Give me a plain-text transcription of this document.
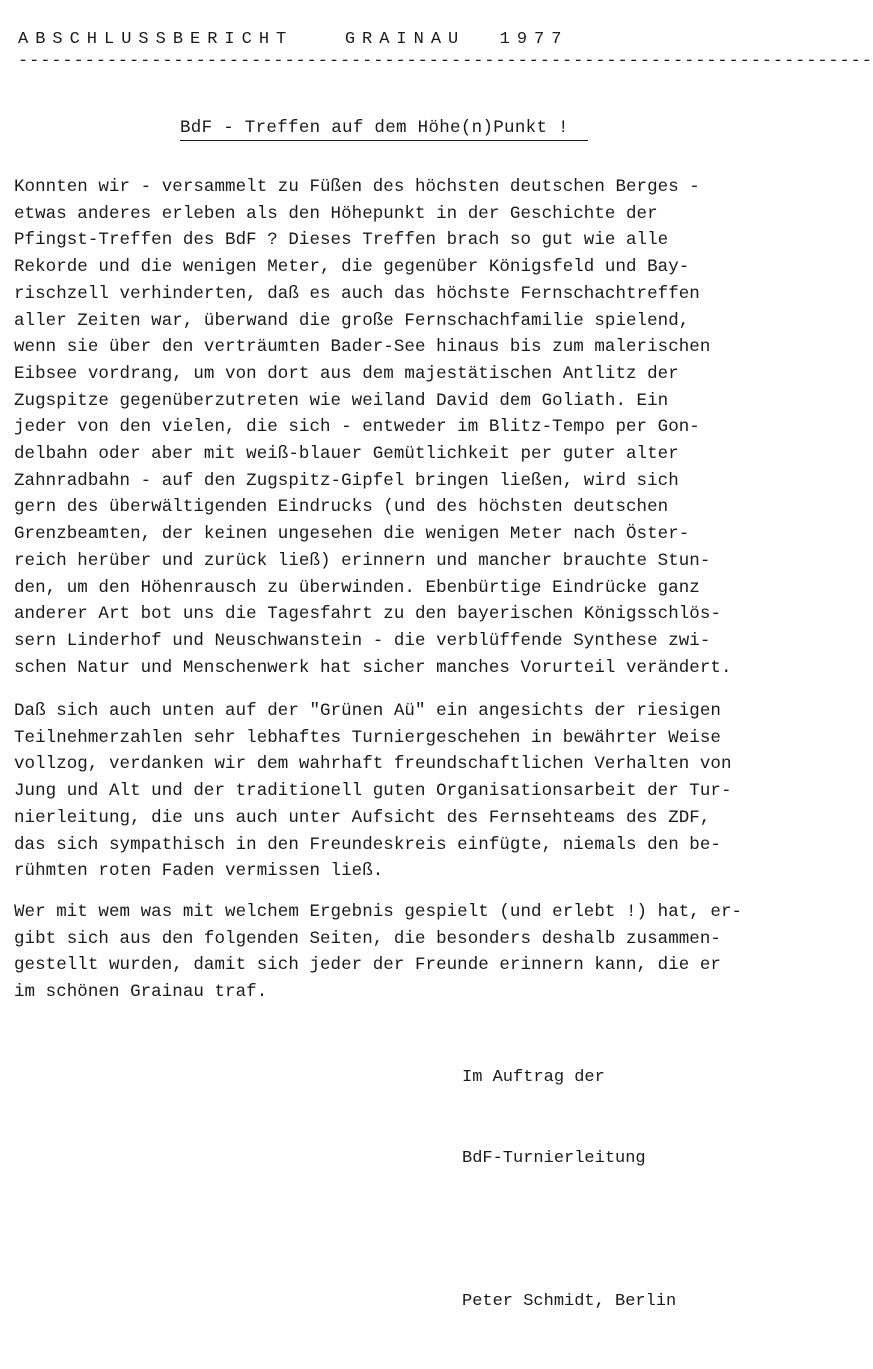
ABSCHLUSSBERICHT   GRAINAU  1977
-----------------------------------------------------------------------------
BdF - Treffen auf dem Höhe(n)Punkt !
Konnten wir - versammelt zu Füßen des höchsten deutschen Berges -
etwas anderes erleben als den Höhepunkt in der Geschichte der
Pfingst-Treffen des BdF ? Dieses Treffen brach so gut wie alle
Rekorde und die wenigen Meter, die gegenüber Königsfeld und Bay-
rischzell verhinderten, daß es auch das höchste Fernschachtreffen
aller Zeiten war, überwand die große Fernschachfamilie spielend,
wenn sie über den verträumten Bader-See hinaus bis zum malerischen
Eibsee vordrang, um von dort aus dem majestätischen Antlitz der
Zugspitze gegenüberzutreten wie weiland David dem Goliath. Ein
jeder von den vielen, die sich - entweder im Blitz-Tempo per Gon-
delbahn oder aber mit weiß-blauer Gemütlichkeit per guter alter
Zahnradbahn - auf den Zugspitz-Gipfel bringen ließen, wird sich
gern des überwältigenden Eindrucks (und des höchsten deutschen
Grenzbeamten, der keinen ungesehen die wenigen Meter nach Öster-
reich herüber und zurück ließ) erinnern und mancher brauchte Stun-
den, um den Höhenrausch zu überwinden. Ebenbürtige Eindrücke ganz
anderer Art bot uns die Tagesfahrt zu den bayerischen Königsschlös-
sern Linderhof und Neuschwanstein - die verblüffende Synthese zwi-
schen Natur und Menschenwerk hat sicher manches Vorurteil verändert.
Daß sich auch unten auf der "Grünen Aü" ein angesichts der riesigen
Teilnehmerzahlen sehr lebhaftes Turniergeschehen in bewährter Weise
vollzog, verdanken wir dem wahrhaft freundschaftlichen Verhalten von
Jung und Alt und der traditionell guten Organisationsarbeit der Tur-
nierleitung, die uns auch unter Aufsicht des Fernsehteams des ZDF,
das sich sympathisch in den Freundeskreis einfügte, niemals den be-
rühmten roten Faden vermissen ließ.
Wer mit wem was mit welchem Ergebnis gespielt (und erlebt !) hat, er-
gibt sich aus den folgenden Seiten, die besonders deshalb zusammen-
gestellt wurden, damit sich jeder der Freunde erinnern kann, die er
im schönen Grainau traf.

Im Auftrag der

BdF-Turnierleitung

Peter Schmidt, Berlin
